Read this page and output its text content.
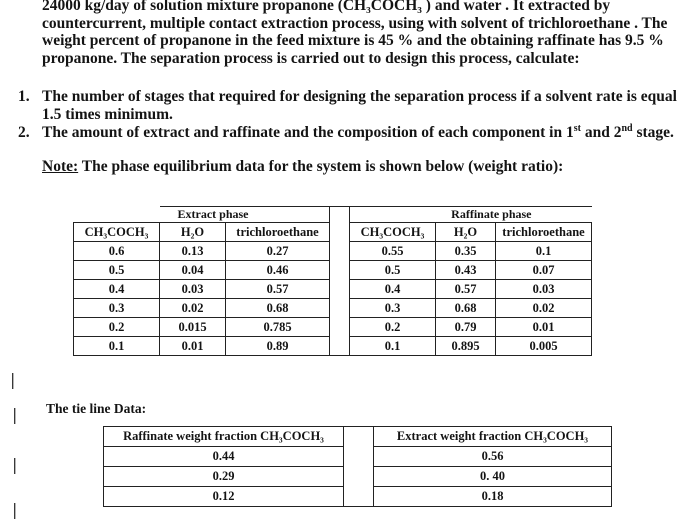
24000 kg/day of solution mixture propanone (CH₃COCH₃ ) and water . It extracted by countercurrent, multiple contact extraction process, using with solvent of trichloroethane . The weight percent of propanone in the feed mixture is 45 % and the obtaining raffinate has 9.5 % propanone. The separation process is carried out to design this process, calculate:
1. The number of stages that required for designing the separation process if a solvent rate is equal 1.5 times minimum.
2. The amount of extract and raffinate and the composition of each component in 1st and 2nd stage.
Note: The phase equilibrium data for the system is shown below (weight ratio):
	Extract phase			Raffinate phase		
CH₃COCH₃	H₂O	trichloroethane		CH₃COCH₃	H₂O	trichloroethane
0.6	0.13	0.27		0.55	0.35	0.1
0.5	0.04	0.46		0.5	0.43	0.07
0.4	0.03	0.57		0.4	0.57	0.03
0.3	0.02	0.68		0.3	0.68	0.02
0.2	0.015	0.785		0.2	0.79	0.01
0.1	0.01	0.89		0.1	0.895	0.005
The tie line Data:
Raffinate weight fraction CH₃COCH₃		Extract weight fraction CH₃COCH₃
0.44		0.56
0.29		0. 40
0.12		0.18
|
|
|
|
